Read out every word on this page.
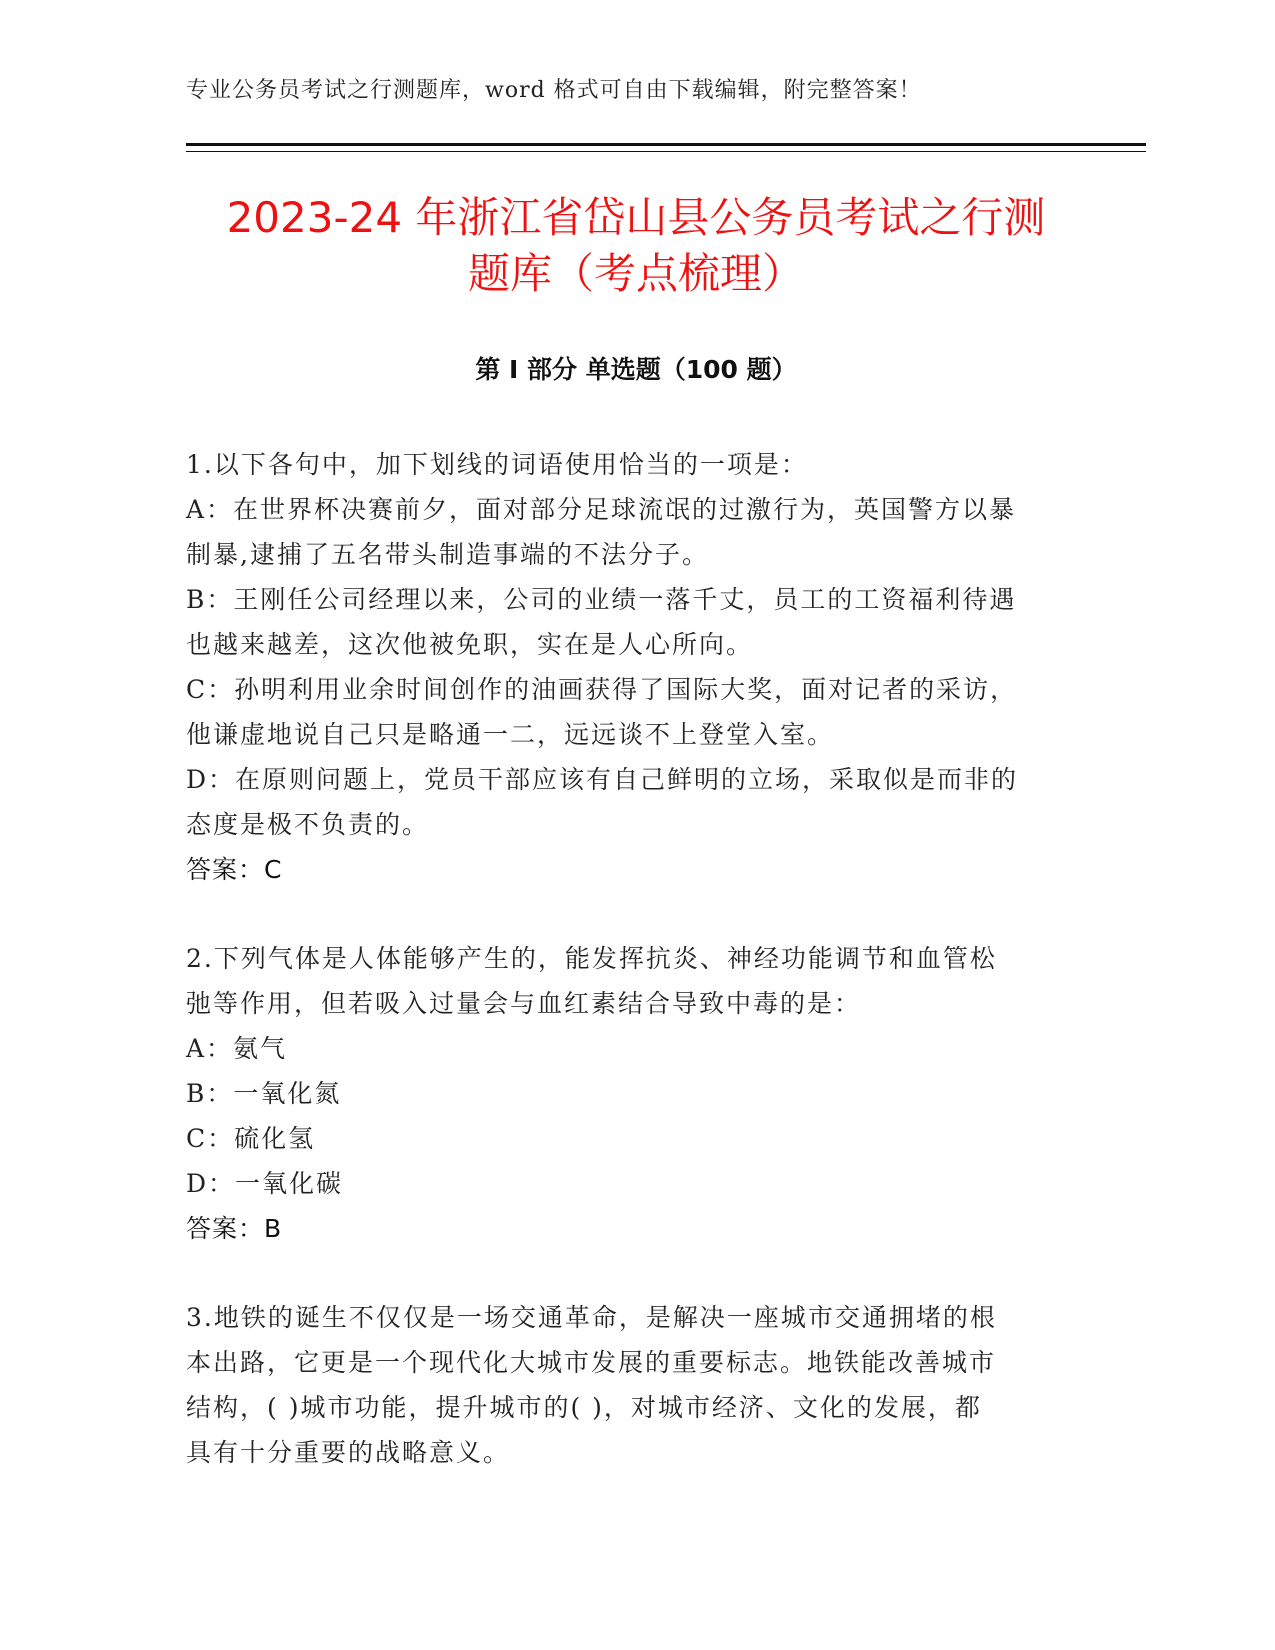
专业公务员考试之行测题库，word 格式可自由下载编辑，附完整答案！
2023-24 年浙江省岱山县公务员考试之行测
题库（考点梳理）
第 I 部分 单选题（100 题）

1.以下各句中，加下划线的词语使用恰当的一项是：

A：在世界杯决赛前夕，面对部分足球流氓的过激行为，英国警方以暴

制暴,逮捕了五名带头制造事端的不法分子。

B：王刚任公司经理以来，公司的业绩一落千丈，员工的工资福利待遇

也越来越差，这次他被免职，实在是人心所向。

C：孙明利用业余时间创作的油画获得了国际大奖，面对记者的采访，

他谦虚地说自己只是略通一二，远远谈不上登堂入室。

D：在原则问题上，党员干部应该有自己鲜明的立场，采取似是而非的

态度是极不负责的。

答案：C

2.下列气体是人体能够产生的，能发挥抗炎、神经功能调节和血管松

弛等作用，但若吸入过量会与血红素结合导致中毒的是：

A：氨气

B：一氧化氮

C：硫化氢

D：一氧化碳

答案：B

3.地铁的诞生不仅仅是一场交通革命，是解决一座城市交通拥堵的根

本出路，它更是一个现代化大城市发展的重要标志。地铁能改善城市

结构，( )城市功能，提升城市的( )，对城市经济、文化的发展，都

具有十分重要的战略意义。
